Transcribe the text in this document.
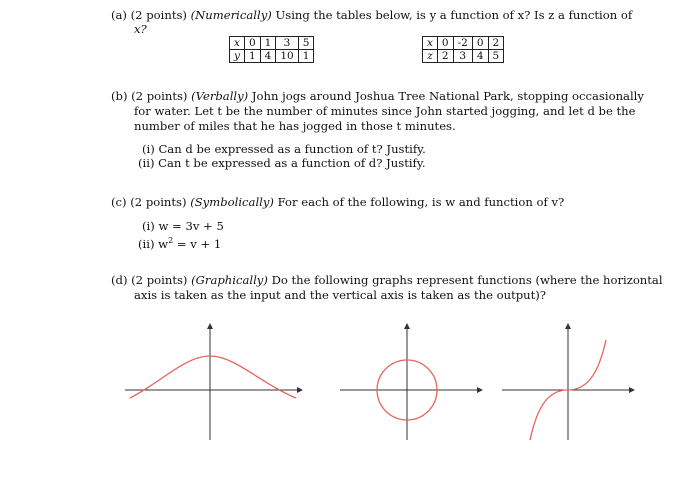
(a) (2 points) (Numerically) Using the tables below, is y a function of x? Is z a function of
x?
x	0	1	3	5
y	1	4	10	1
x	0	-2	0	2
z	2	3	4	5
(b) (2 points) (Verbally) John jogs around Joshua Tree National Park, stopping occasionally
for water. Let t be the number of minutes since John started jogging, and let d be the
number of miles that he has jogged in those t minutes.
(i) Can d be expressed as a function of t? Justify.
(ii) Can t be expressed as a function of d? Justify.
(c) (2 points) (Symbolically) For each of the following, is w and function of v?
(i) w = 3v + 5
(ii) $w^2 = v + 1$
(d) (2 points) (Graphically) Do the following graphs represent functions (where the horizontal
axis is taken as the input and the vertical axis is taken as the output)?
